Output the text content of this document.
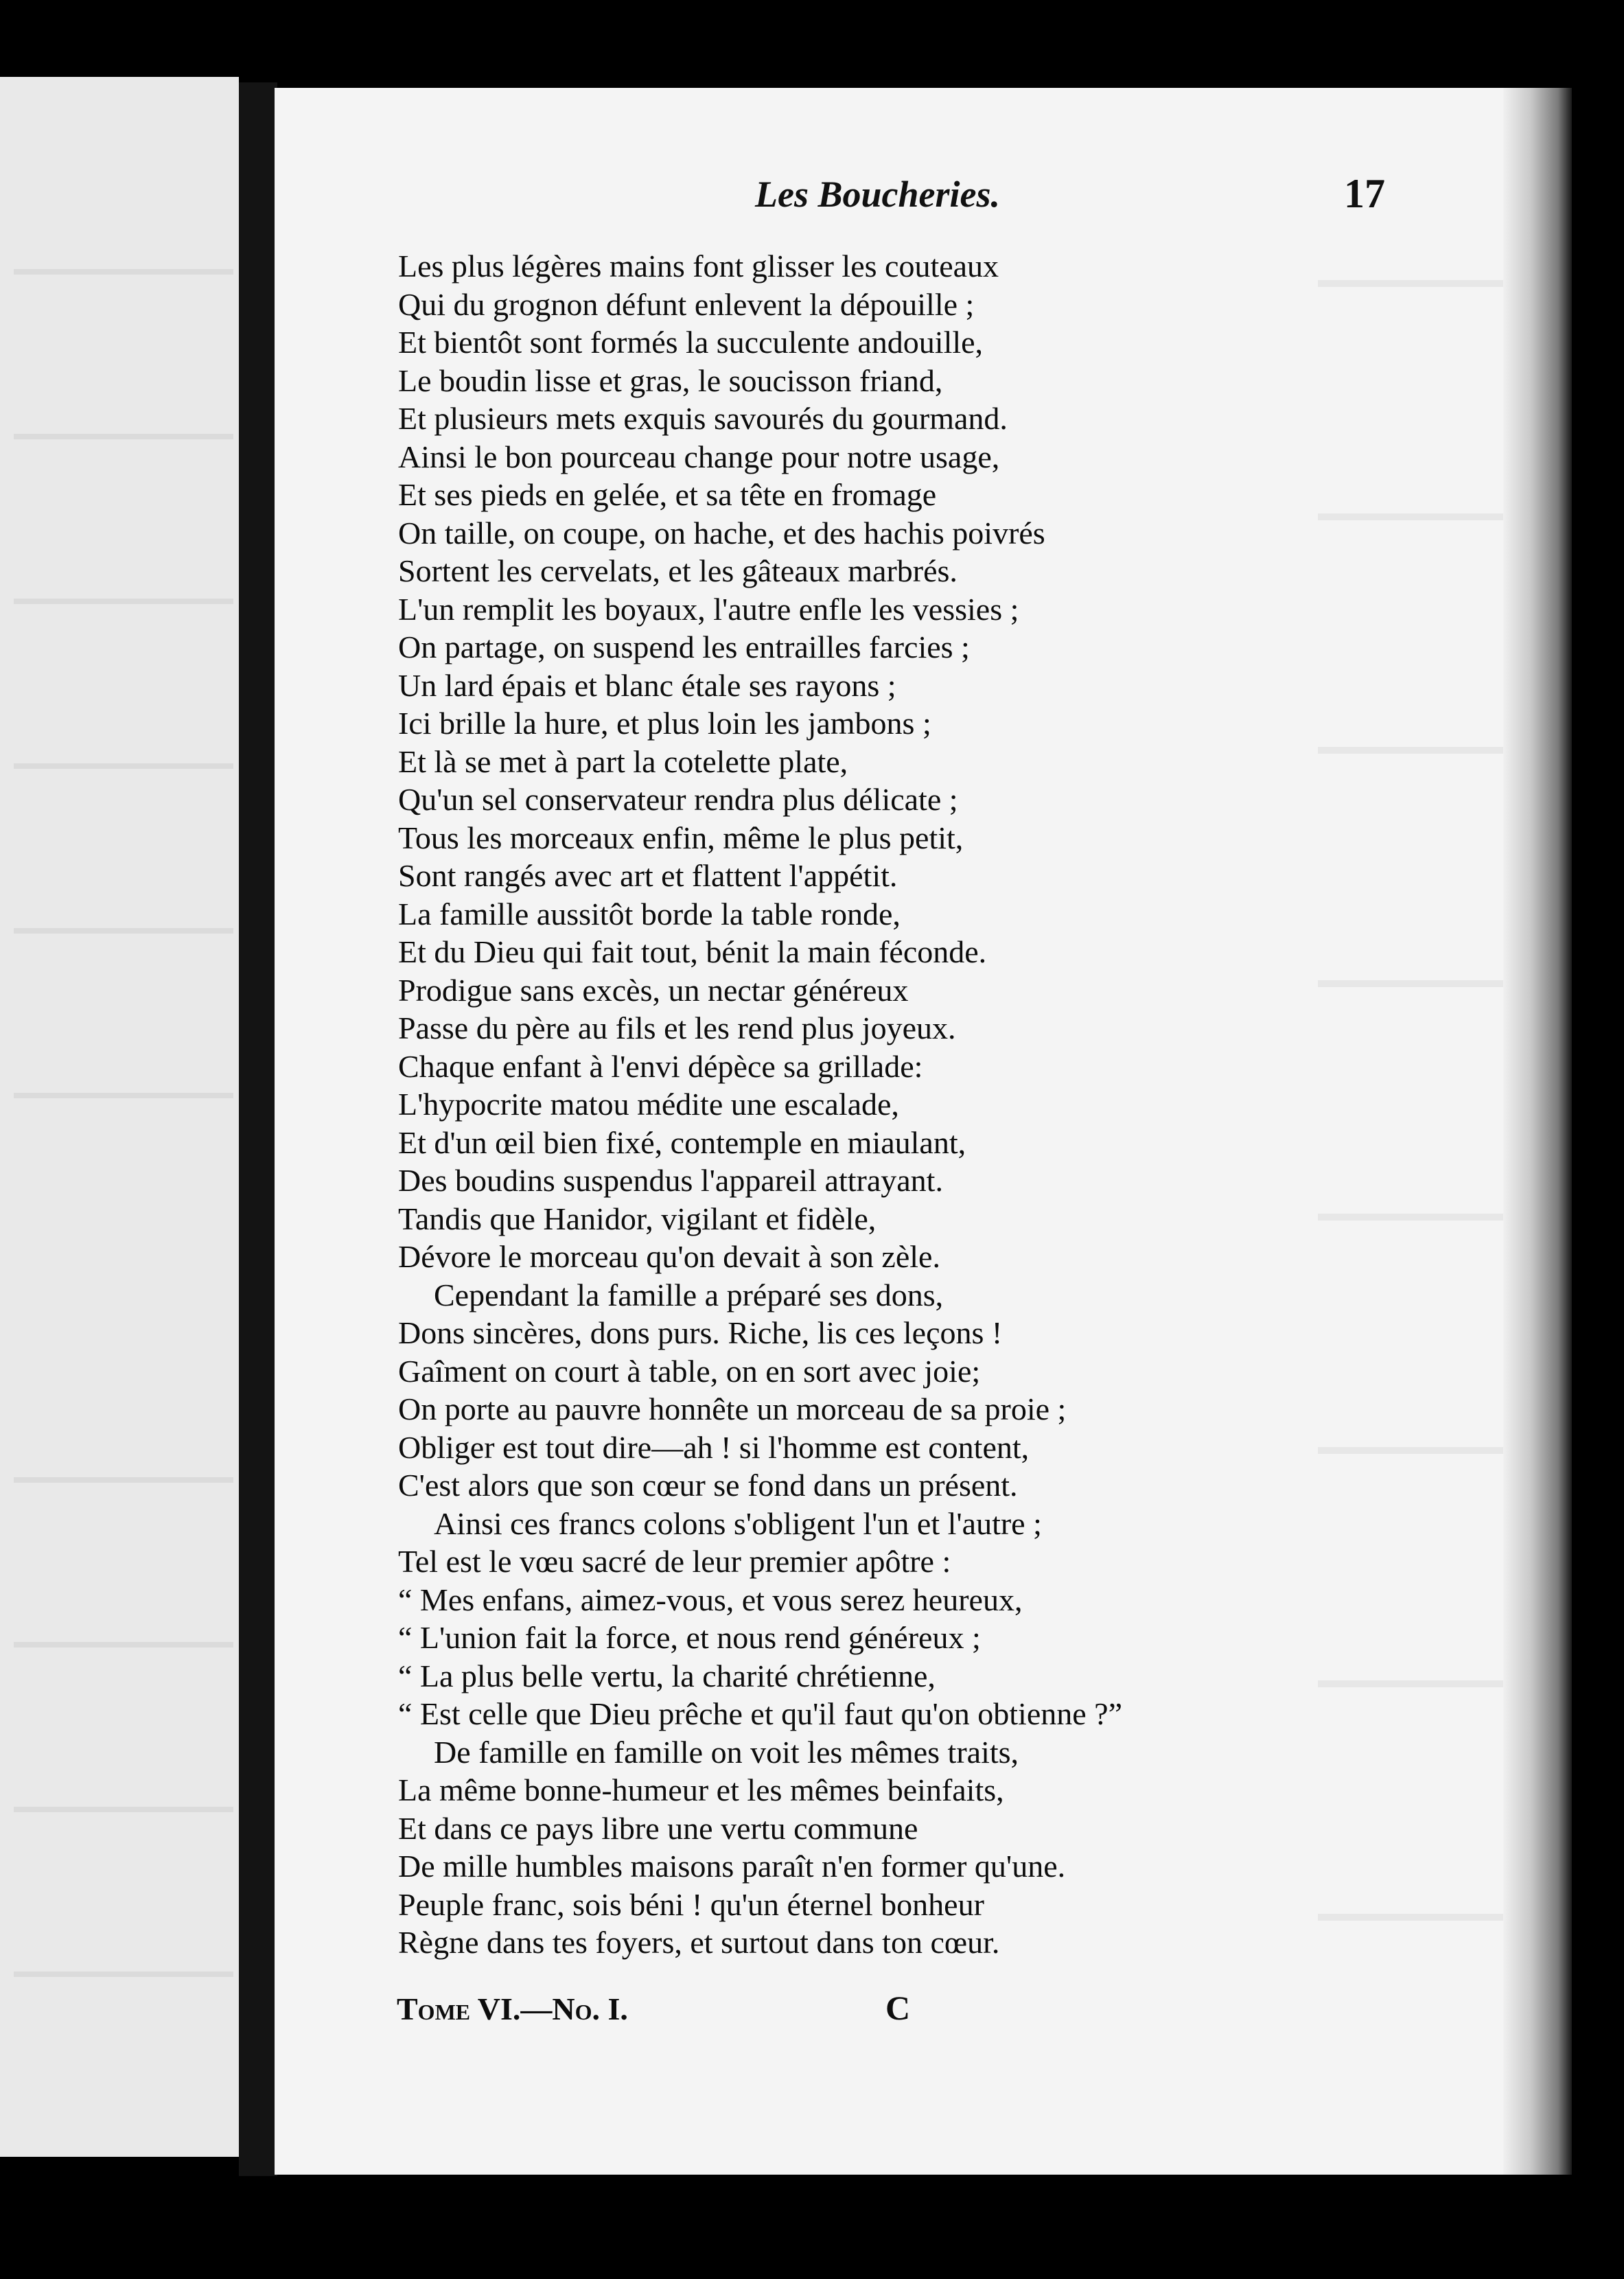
Les Boucheries.	17
Les plus légères mains font glisser les couteaux
Qui du grognon défunt enlevent la dépouille ;
Et bientôt sont formés la succulente andouille,
Le boudin lisse et gras, le soucisson friand,
Et plusieurs mets exquis savourés du gourmand.
Ainsi le bon pourceau change pour notre usage,
Et ses pieds en gelée, et sa tête en fromage
On taille, on coupe, on hache, et des hachis poivrés
Sortent les cervelats, et les gâteaux marbrés.
L'un remplit les boyaux, l'autre enfle les vessies ;
On partage, on suspend les entrailles farcies ;
Un lard épais et blanc étale ses rayons ;
Ici brille la hure, et plus loin les jambons ;
Et là se met à part la cotelette plate,
Qu'un sel conservateur rendra plus délicate ;
Tous les morceaux enfin, même le plus petit,
Sont rangés avec art et flattent l'appétit.
La famille aussitôt borde la table ronde,
Et du Dieu qui fait tout, bénit la main féconde.
Prodigue sans excès, un nectar généreux
Passe du père au fils et les rend plus joyeux.
Chaque enfant à l'envi dépèce sa grillade:
L'hypocrite matou médite une escalade,
Et d'un œil bien fixé, contemple en miaulant,
Des boudins suspendus l'appareil attrayant.
Tandis que Hanidor, vigilant et fidèle,
Dévore le morceau qu'on devait à son zèle.
Cependant la famille a préparé ses dons,
Dons sincères, dons purs. Riche, lis ces leçons !
Gaîment on court à table, on en sort avec joie;
On porte au pauvre honnête un morceau de sa proie ;
Obliger est tout dire—ah ! si l'homme est content,
C'est alors que son cœur se fond dans un présent.
Ainsi ces francs colons s'obligent l'un et l'autre ;
Tel est le vœu sacré de leur premier apôtre :
“ Mes enfans, aimez-vous, et vous serez heureux,
“ L'union fait la force, et nous rend généreux ;
“ La plus belle vertu, la charité chrétienne,
“ Est celle que Dieu prêche et qu'il faut qu'on obtienne ?”
De famille en famille on voit les mêmes traits,
La même bonne-humeur et les mêmes beinfaits,
Et dans ce pays libre une vertu commune
De mille humbles maisons paraît n'en former qu'une.
Peuple franc, sois béni ! qu'un éternel bonheur
Règne dans tes foyers, et surtout dans ton cœur.
Tome VI.—No. I.	C
